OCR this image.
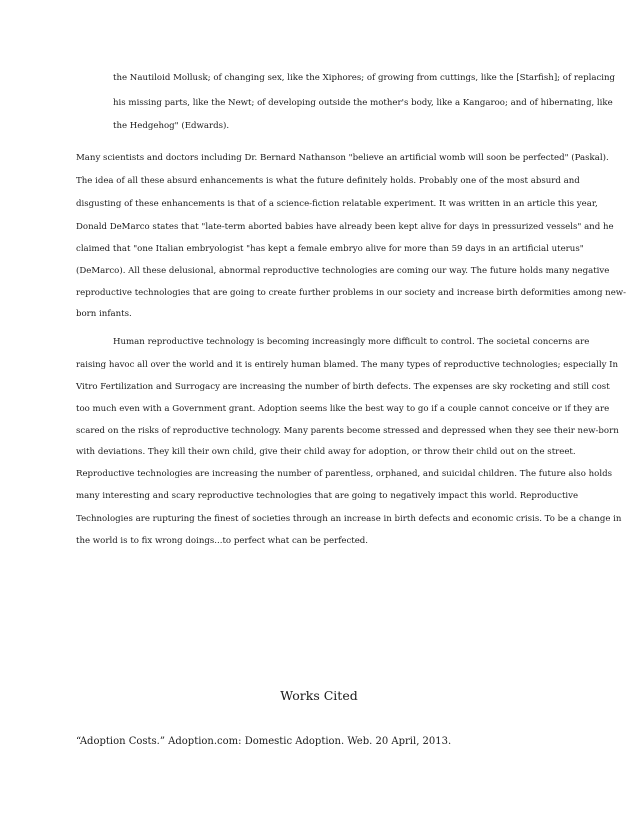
the Nautiloid Mollusk; of changing sex, like the Xiphores; of growing from cuttings, like the [Starfish]; of replacing
his missing parts, like the Newt; of developing outside the mother's body, like a Kangaroo; and of hibernating, like
the Hedgehog" (Edwards).
Many scientists and doctors including Dr. Bernard Nathanson "believe an artificial womb will soon be perfected" (Paskal).
The idea of all these absurd enhancements is what the future definitely holds. Probably one of the most absurd and
disgusting of these enhancements is that of a science-fiction relatable experiment. It was written in an article this year,
Donald DeMarco states that "late-term aborted babies have already been kept alive for days in pressurized vessels" and he
claimed that "one Italian embryologist "has kept a female embryo alive for more than 59 days in an artificial uterus"
(DeMarco). All these delusional, abnormal reproductive technologies are coming our way. The future holds many negative
reproductive technologies that are going to create further problems in our society and increase birth deformities among new-
born infants.
Human reproductive technology is becoming increasingly more difficult to control. The societal concerns are
raising havoc all over the world and it is entirely human blamed. The many types of reproductive technologies; especially In
Vitro Fertilization and Surrogacy are increasing the number of birth defects. The expenses are sky rocketing and still cost
too much even with a Government grant. Adoption seems like the best way to go if a couple cannot conceive or if they are
scared on the risks of reproductive technology. Many parents become stressed and depressed when they see their new-born
with deviations. They kill their own child, give their child away for adoption, or throw their child out on the street.
Reproductive technologies are increasing the number of parentless, orphaned, and suicidal children. The future also holds
many interesting and scary reproductive technologies that are going to negatively impact this world. Reproductive
Technologies are rupturing the finest of societies through an increase in birth defects and economic crisis. To be a change in
the world is to fix wrong doings...to perfect what can be perfected.
Works Cited
“Adoption Costs.” Adoption.com: Domestic Adoption. Web. 20 April, 2013.
